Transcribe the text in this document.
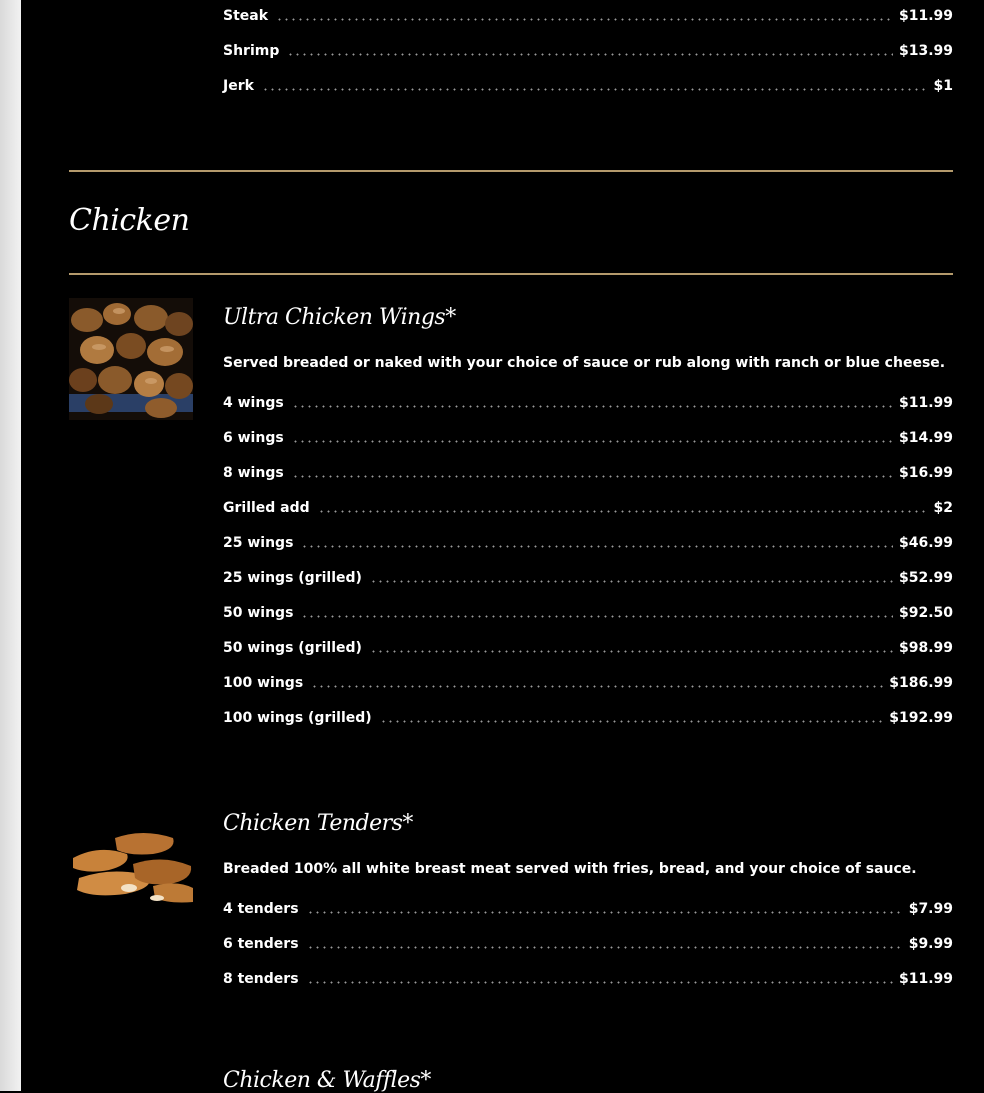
Steak	$11.99
Shrimp	$13.99
Jerk	$1
Chicken
Ultra Chicken Wings*
Served breaded or naked with your choice of sauce or rub along with ranch or blue cheese.
4 wings	$11.99
6 wings	$14.99
8 wings	$16.99
Grilled add	$2
25 wings	$46.99
25 wings (grilled)	$52.99
50 wings	$92.50
50 wings (grilled)	$98.99
100 wings	$186.99
100 wings (grilled)	$192.99
Chicken Tenders*
Breaded 100% all white breast meat served with fries, bread, and your choice of sauce.
4 tenders	$7.99
6 tenders	$9.99
8 tenders	$11.99
Chicken & Waffles*
